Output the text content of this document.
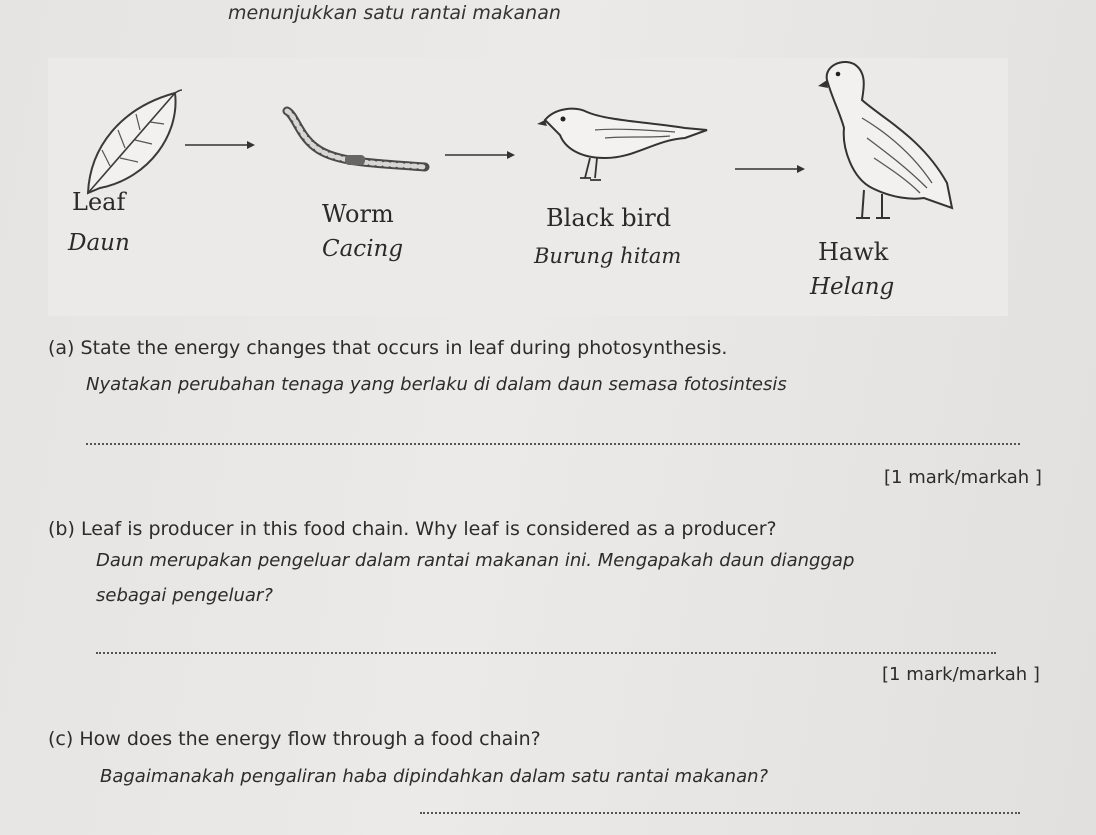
menunjukkan satu rantai makanan
Leaf
Daun
Worm
Cacing
Black bird
Burung hitam	Hawk
Helang
(a) State the energy changes that occurs in leaf during photosynthesis.
Nyatakan perubahan tenaga yang berlaku di dalam daun semasa fotosintesis
[1 mark/markah ]
(b) Leaf is producer in this food chain. Why leaf is considered as a producer?
Daun merupakan pengeluar dalam rantai makanan ini. Mengapakah daun dianggap
sebagai pengeluar?
[1 mark/markah ]
(c) How does the energy flow through a food chain?
Bagaimanakah pengaliran haba dipindahkan dalam satu rantai makanan?
